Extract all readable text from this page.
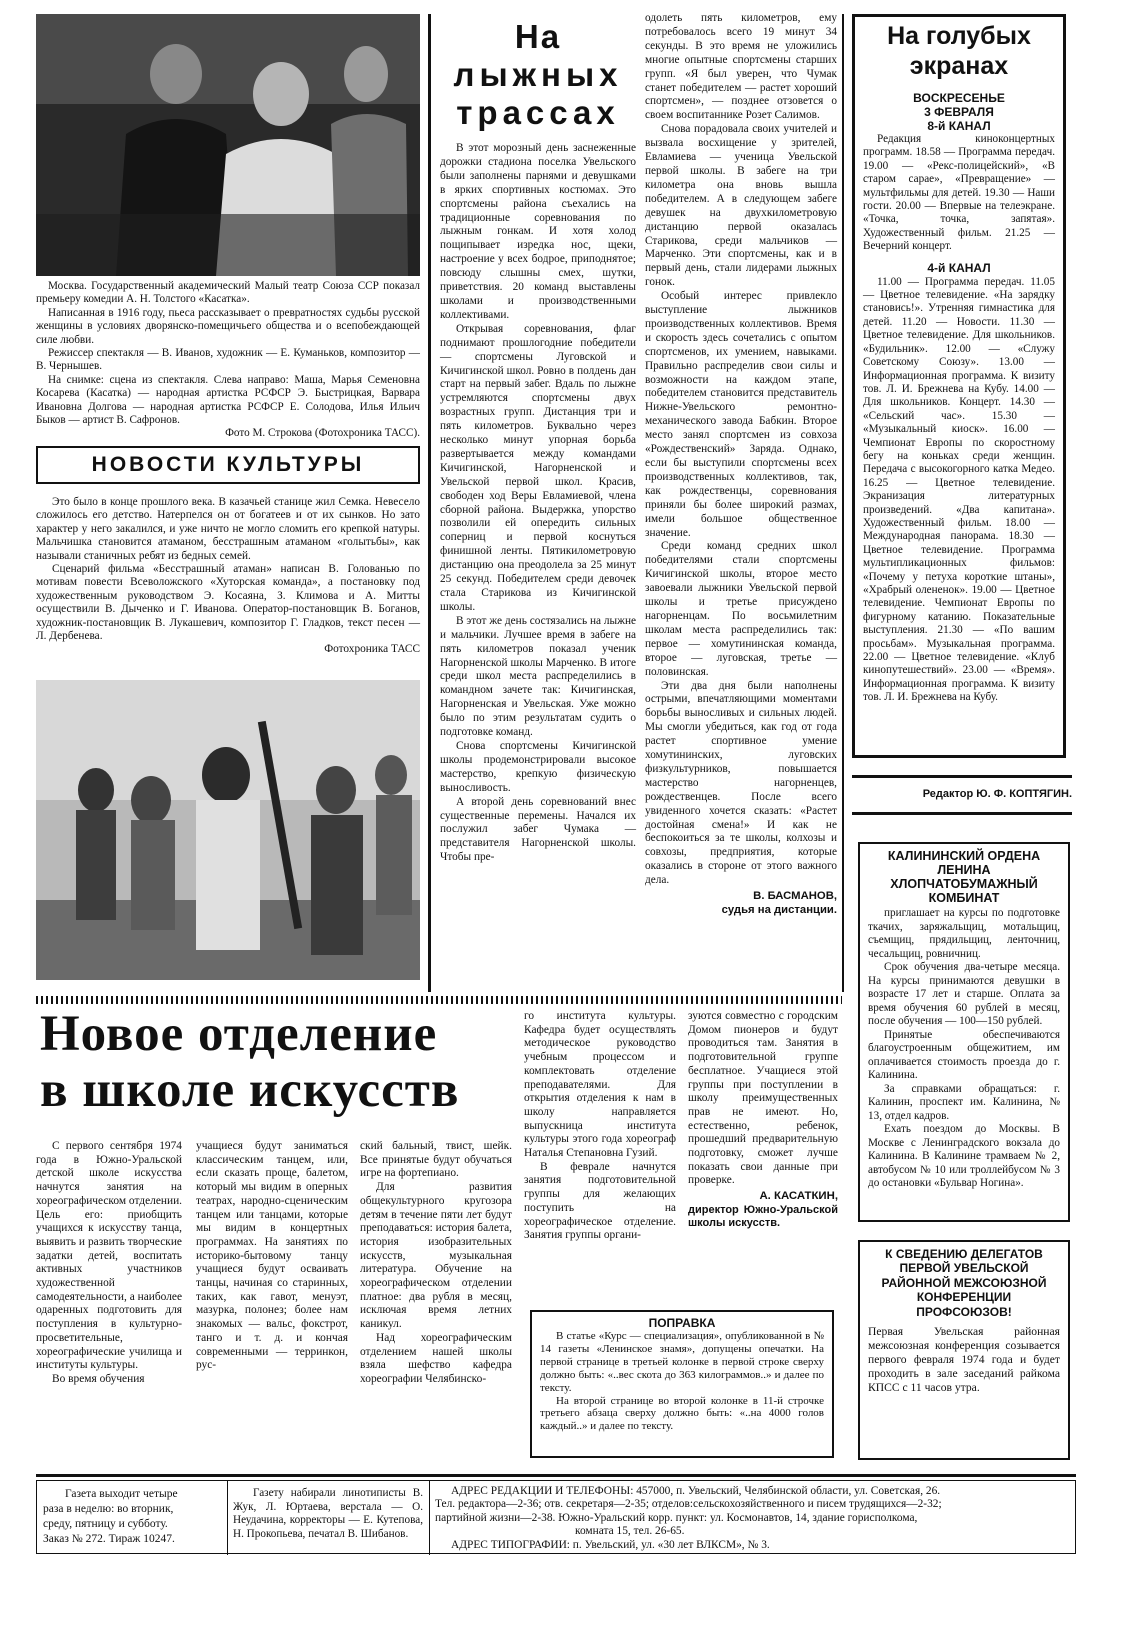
Москва. Государственный академический Малый театр Союза ССР показал премьеру комедии А. Н. Толстого «Касатка».

Написанная в 1916 году, пьеса рассказывает о превратностях судьбы русской женщины в условиях дворянско-помещичьего общества и о всепобеждающей силе любви.

Режиссер спектакля — В. Иванов, художник — Е. Куманьков, композитор — В. Чернышев.

На снимке: сцена из спектакля. Слева направо: Маша, Марья Семеновна Косарева (Касатка) — народная артистка РСФСР Э. Быстрицкая, Варвара Ивановна Долгова — народная артистка РСФСР Е. Солодова, Илья Ильич Быков — артист В. Сафронов.

Фото М. Строкова (Фотохроника ТАСС).

НОВОСТИ КУЛЬТУРЫ

Это было в конце прошлого века. В казачьей станице жил Семка. Невесело сложилось его детство. Натерпелся он от богатеев и от их сынков. Но зато характер у него закалился, и уже ничто не могло сломить его крепкой натуры. Мальчишка становится атаманом, бесстрашным атаманом «голытьбы», как называли станичных ребят из бедных семей.

Сценарий фильма «Бесстрашный атаман» написан В. Голованью по мотивам повести Всеволожского «Хуторская команда», а постановку под художественным руководством Э. Косаяна, З. Климова и А. Митты осуществили В. Дыченко и Г. Иванова. Оператор-постановщик В. Боганов, художник-постановщик В. Лукашевич, композитор Г. Гладков, текст песен — Л. Дербенева.

Фотохроника ТАСС

На
лыжных
трассах

В этот морозный день заснеженные дорожки стадиона поселка Увельского были заполнены парнями и девушками в ярких спортивных костюмах. Это спортсмены района съехались на традиционные соревнования по лыжным гонкам. И хотя холод пощипывает изредка нос, щеки, настроение у всех бодрое, приподнятое; повсюду слышны смех, шутки, приветствия. 20 команд выставлены школами и производственными коллективами.

Открывая соревнования, флаг поднимают прошлогодние победители — спортсмены Луговской и Кичигинской школ. Ровно в полдень дан старт на первый забег. Вдаль по лыжне устремляются спортсмены двух возрастных групп. Дистанция три и пять километров. Буквально через несколько минут упорная борьба развертывается между командами Кичигинской, Нагорненской и Увельской первой школ. Красив, свободен ход Веры Евламиевой, члена сборной района. Выдержка, упорство позволили ей опередить сильных соперниц и первой коснуться финишной ленты. Пятикилометровую дистанцию она преодолела за 25 минут 25 секунд. Победителем среди девочек стала Старикова из Кичигинской школы.

В этот же день состязались на лыжне и мальчики. Лучшее время в забеге на пять километров показал ученик Нагорненской школы Марченко. В итоге среди школ места распределились в командном зачете так: Кичигинская, Нагорненская и Увельская. Уже можно было по этим результатам судить о подготовке команд.

Снова спортсмены Кичигинской школы продемонстрировали высокое мастерство, крепкую физическую выносливость.

А второй день соревнований внес существенные перемены. Начался их послужил забег Чумака — представителя Нагорненской школы. Чтобы пре-

одолеть пять километров, ему потребовалось всего 19 минут 34 секунды. В это время не уложились многие опытные спортсмены старших групп. «Я был уверен, что Чумак станет победителем — растет хороший спортсмен», — позднее отзовется о своем воспитаннике Розет Салимов.

Снова порадовала своих учителей и вызвала восхищение у зрителей, Евламиева — ученица Увельской первой школы. В забеге на три километра она вновь вышла победителем. А в следующем забеге девушек на двухкилометровую дистанцию первой оказалась Старикова, среди мальчиков — Марченко. Эти спортсмены, как и в первый день, стали лидерами лыжных гонок.

Особый интерес привлекло выступление лыжников производственных коллективов. Время и скорость здесь сочетались с опытом спортсменов, их умением, навыками. Правильно распределив свои силы и возможности на каждом этапе, победителем становится представитель Нижне-Увельского ремонтно-механического завода Бабкин. Второе место занял спортсмен из совхоза «Рождественский» Заряда. Однако, если бы выступили спортсмены всех производственных коллективов, так, как рождественцы, соревнования приняли бы более широкий размах, имели большое общественное значение.

Среди команд средних школ победителями стали спортсмены Кичигинской школы, второе место завоевали лыжники Увельской первой школы и третье присуждено нагорненцам. По восьмилетним школам места распределились так: первое — хомутининская команда, второе — луговская, третье — половинская.

Эти два дня были наполнены острыми, впечатляющими моментами борьбы выносливых и сильных людей. Мы смогли убедиться, как год от года растет спортивное умение хомутининских, луговских физкультурников, повышается мастерство нагорненцев, рождественцев. После всего увиденного хочется сказать: «Растет достойная смена!» И как не беспокоиться за те школы, колхозы и совхозы, предприятия, которые оказались в стороне от этого важного дела.

В. БАСМАНОВ,

судья на дистанции.

На голубых экранах
ВОСКРЕСЕНЬЕ
3 ФЕВРАЛЯ
8-й КАНАЛ

Редакция киноконцертных программ. 18.58 — Программа передач. 19.00 — «Рекс-полицейский», «В старом сарае», «Превращение» — мультфильмы для детей. 19.30 — Наши гости. 20.00 — Впервые на телеэкране. «Точка, точка, запятая». Художественный фильм. 21.25 — Вечерний концерт.

4-й КАНАЛ

11.00 — Программа передач. 11.05 — Цветное телевидение. «На зарядку становись!». Утренняя гимнастика для детей. 11.20 — Новости. 11.30 — Цветное телевидение. Для школьников. «Будильник». 12.00 — «Служу Советскому Союзу». 13.00 — Информационная программа. К визиту тов. Л. И. Брежнева на Кубу. 14.00 — Для школьников. Концерт. 14.30 — «Сельский час». 15.30 — «Музыкальный киоск». 16.00 — Чемпионат Европы по скоростному бегу на коньках среди женщин. Передача с высокогорного катка Медео. 16.25 — Цветное телевидение. Экранизация литературных произведений. «Два капитана». Художественный фильм. 18.00 — Международная панорама. 18.30 — Цветное телевидение. Программа мультипликационных фильмов: «Почему у петуха короткие штаны», «Храбрый олененок». 19.00 — Цветное телевидение. Чемпионат Европы по фигурному катанию. Показательные выступления. 21.30 — «По вашим просьбам». Музыкальная программа. 22.00 — Цветное телевидение. «Клуб кинопутешествий». 23.00 — «Время». Информационная программа. К визиту тов. Л. И. Брежнева на Кубу.

Редактор Ю. Ф. КОПТЯГИН.
КАЛИНИНСКИЙ ОРДЕНА ЛЕНИНА ХЛОПЧАТОБУМАЖНЫЙ КОМБИНАТ

приглашает на курсы по подготовке ткачих, заряжальщиц, мотальщиц, съемщиц, прядильщиц, ленточниц, чесальщиц, ровничниц.

Срок обучения два-четыре месяца. На курсы принимаются девушки в возрасте 17 лет и старше. Оплата за время обучения 60 рублей в месяц, после обучения — 100—150 рублей.

Принятые обеспечиваются благоустроенным общежитием, им оплачивается стоимость проезда до г. Калинина.

За справками обращаться: г. Калинин, проспект им. Калинина, № 13, отдел кадров.

Ехать поездом до Москвы. В Москве с Ленинградского вокзала до Калинина. В Калинине трамваем № 2, автобусом № 10 или троллейбусом № 3 до остановки «Бульвар Ногина».

К СВЕДЕНИЮ ДЕЛЕГАТОВ ПЕРВОЙ УВЕЛЬСКОЙ РАЙОННОЙ МЕЖСОЮЗНОЙ КОНФЕРЕНЦИИ ПРОФСОЮЗОВ!

Первая Увельская районная межсоюзная конференция созывается первого февраля 1974 года и будет проходить в зале заседаний райкома КПСС с 11 часов утра.

Новое отделение
в школе искусств

С первого сентября 1974 года в Южно-Уральской детской школе искусства начнутся занятия на хореографическом отделении. Цель его: приобщить учащихся к искусству танца, выявить и развить творческие задатки детей, воспитать активных участников художественной самодеятельности, а наиболее одаренных подготовить для поступления в культурно-просветительные, хореографические училища и институты культуры.

Во время обучения

учащиеся будут заниматься классическим танцем, или, если сказать проще, балетом, который мы видим в оперных театрах, народно-сценическим танцем или танцами, которые мы видим в концертных программах. На занятиях по историко-бытовому танцу учащиеся будут осваивать танцы, начиная со старинных, таких, как гавот, менуэт, мазурка, полонез; более нам знакомых — вальс, фокстрот, танго и т. д. и кончая современными — терринкон, рус-

ский бальный, твист, шейк. Все принятые будут обучаться игре на фортепиано.

Для развития общекультурного кругозора детям в течение пяти лет будут преподаваться: история балета, история изобразительных искусств, музыкальная литература. Обучение на хореографическом отделении платное: два рубля в месяц, исключая время летних каникул.

Над хореографическим отделением нашей школы взяла шефство кафедра хореографии Челябинско-

го института культуры. Кафедра будет осуществлять методическое руководство учебным процессом и комплектовать отделение преподавателями. Для открытия отделения к нам в школу направляется выпускница института культуры этого года хореограф Наталья Степановна Гузий.

В феврале начнутся занятия подготовительной группы для желающих поступить на хореографическое отделение. Занятия группы органи-

зуются совместно с городским Домом пионеров и будут проводиться там. Занятия в подготовительной группе бесплатное. Учащиеся этой группы при поступлении в школу преимущественных прав не имеют. Но, естественно, ребенок, прошедший предварительную подготовку, сможет лучше показать свои данные при проверке.

А. КАСАТКИН,

директор Южно-Уральской школы искусств.

ПОПРАВКА

В статье «Курс — специализация», опубликованной в № 14 газеты «Ленинское знамя», допущены опечатки. На первой странице в третьей колонке в первой строке сверху должно быть: «..вес скота до 363 килограммов..» и далее по тексту.

На второй странице во второй колонке в 11-й строчке третьего абзаца сверху должно быть: «..на 4000 голов каждый..» и далее по тексту.

Газета выходит четыре
раза в неделю: во вторник,
среду, пятницу и субботу.
Заказ № 272. Тираж 10247.
Газету набирали линотиписты В. Жук, Л. Юртаева, верстала — О. Неудачина, корректоры — Е. Кутепова, Н. Прокопьева, печатал В. Шибанов.
АДРЕС РЕДАКЦИИ И ТЕЛЕФОНЫ: 457000, п. Увельский, Челябинской области, ул. Советская, 26.
Тел. редактора—2-36; отв. секретаря—2-35; отделов:сельскохозяйственного и писем трудящихся—2-32;
партийной жизни—2-38. Южно-Уральский корр. пункт: ул. Космонавтов, 14, здание горисполкома,
комната 15, тел. 26-65.
АДРЕС ТИПОГРАФИИ: п. Увельский, ул. «30 лет ВЛКСМ», № 3.
